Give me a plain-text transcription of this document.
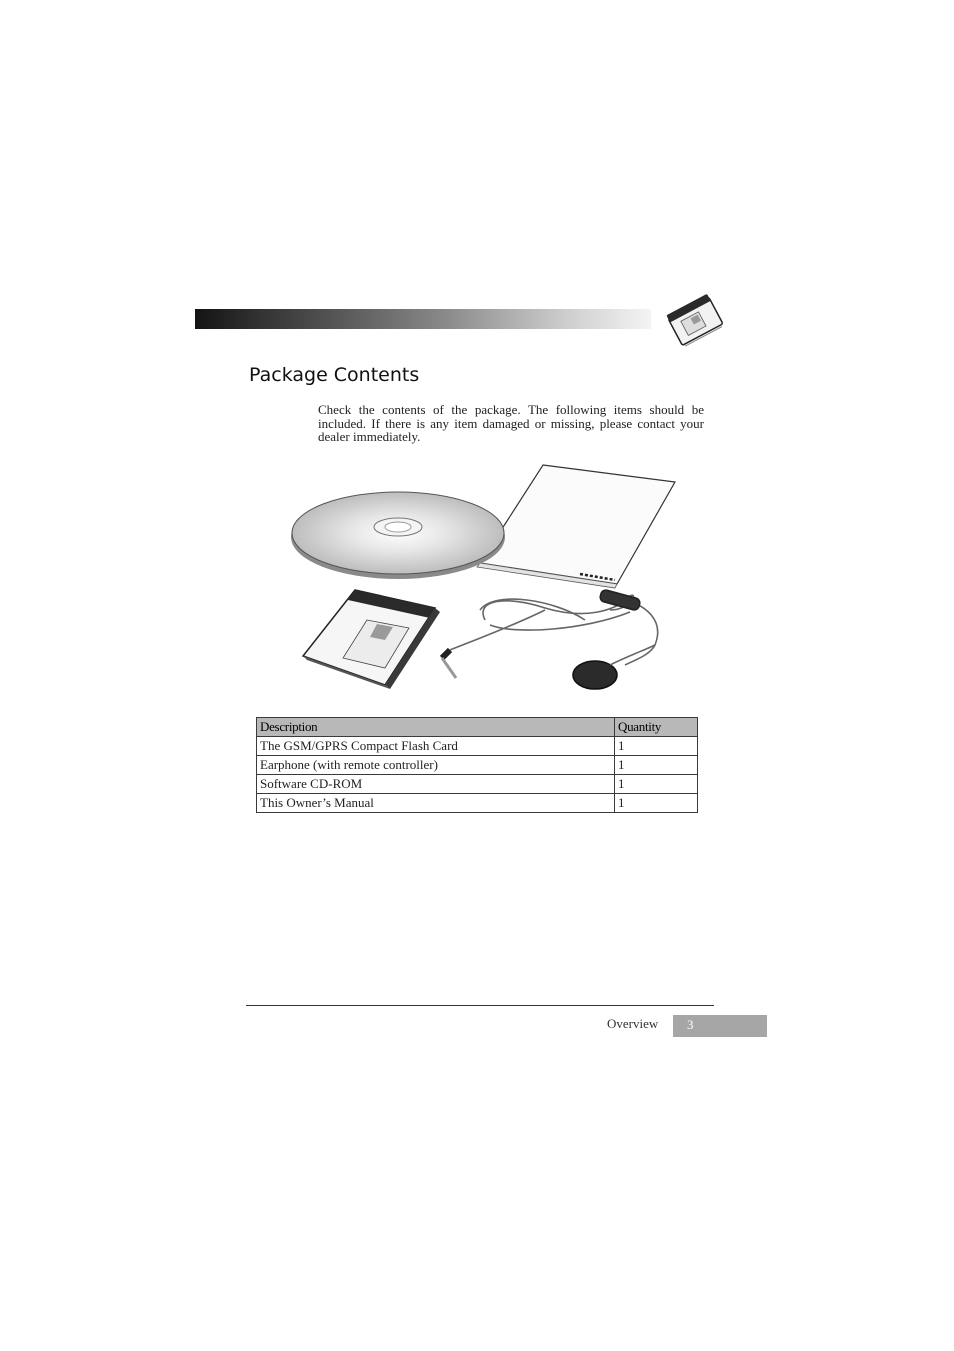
Package Contents

Check the contents of the package. The following items should be included. If there is any item damaged or missing, please contact your dealer immediately.

Description	Quantity
The GSM/GPRS Compact Flash Card	1
Earphone (with remote controller)	1
Software CD-ROM	1
This Owner’s Manual	1
Overview 3
